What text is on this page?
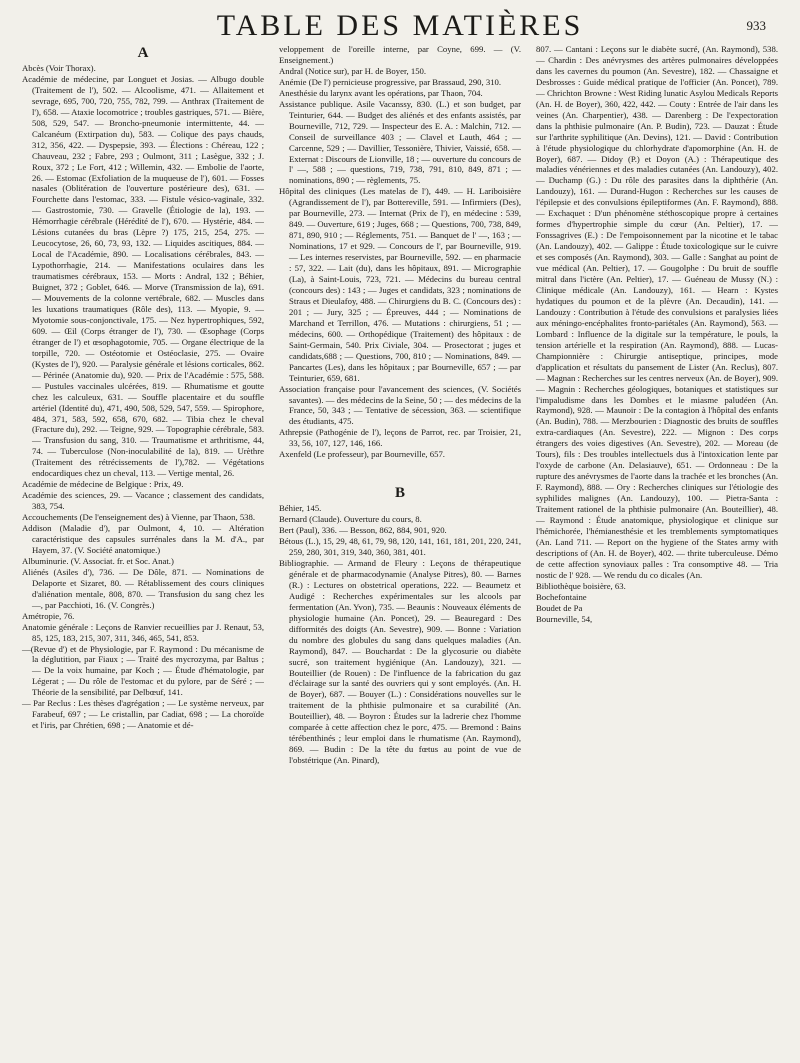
TABLE DES MATIÈRES	933
A
Abcès (Voir Thorax).
Académie de médecine, par Longuet et Josias. — Albugo double (Traitement de l'), 502. — Alcoolisme, 471. — Allaitement et sevrage, 695, 700, 720, 755, 782, 799. — Anthrax (Traitement de l'), 658. — Ataxie locomotrice ; troubles gastriques, 571. — Bière, 508, 529, 547. — Broncho-pneumonie intermittente, 44. — Calcanéum (Extirpation du), 583. — Colique des pays chauds, 312, 356, 422. — Dyspepsie, 393. — Élections : Chéreau, 122 ; Chauveau, 232 ; Fabre, 293 ; Oulmont, 311 ; Lasègue, 332 ; J. Roux, 372 ; Le Fort, 412 ; Willemin, 432. — Embolie de l'aorte, 26. — Estomac (Exfoliation de la muqueuse de l'), 601. — Fosses nasales (Oblitération de l'ouverture postérieure des), 631. — Fourchette dans l'estomac, 333. — Fistule vésico-vaginale, 332. — Gastrostomie, 730. — Gravelle (Étiologie de la), 193. — Hémorrhagie cérébrale (Hérédité de l'), 670. — Hystérie, 484. — Lésions cutanées du bras (Lèpre ?) 175, 215, 254, 275. — Leucocytose, 26, 60, 73, 93, 132. — Liquides ascitiques, 884. — Local de l'Académie, 890. — Localisations cérébrales, 843. — Lypothorrhagie, 214. — Manifestations oculaires dans les traumatismes cérébraux, 153. — Morts : Andral, 132 ; Béhier, Buignet, 372 ; Goblet, 646. — Morve (Transmission de la), 691. — Mouvements de la colonne vertébrale, 682. — Muscles dans les luxations traumatiques (Rôle des), 113. — Myopie, 9. — Myotomie sous-conjonctivale, 175. — Nez hypertrophiques, 592, 609. — Œil (Corps étranger de l'), 730. — Œsophage (Corps étranger de l') et œsophagotomie, 705. — Organe électrique de la torpille, 720. — Ostéotomie et Ostéoclasie, 275. — Ovaire (Kystes de l'), 920. — Paralysie générale et lésions corticales, 862. — Périnée (Anatomie du), 920. — Prix de l'Académie : 575, 588. — Pustules vaccinales ulcérées, 819. — Rhumatisme et goutte chez les calculeux, 631. — Souffle placentaire et du souffle artériel (Identité du), 471, 490, 508, 529, 547, 559. — Spirophore, 484, 371, 583, 592, 658, 670, 682. — Tibia chez le cheval (Fracture du), 292. — Teigne, 929. — Topographie cérébrale, 583. — Transfusion du sang, 310. — Traumatisme et arthritisme, 44, 74. — Tuberculose (Non-inoculabilité de la), 819. — Urèthre (Traitement des rétrécissements de l'),782. — Végétations endocardiques chez un cheval, 113. — Vertige mental, 26.
Académie de médecine de Belgique : Prix, 49.
Académie des sciences, 29. — Vacance ; classement des candidats, 383, 754.
Accouchements (De l'enseignement des) à Vienne, par Thaon, 538.
Addison (Maladie d'), par Oulmont, 4, 10. — Altération caractéristique des capsules surrénales dans la M. d'A., par Hayem, 37. (V. Société anatomique.)
Albuminurie. (V. Associat. fr. et Soc. Anat.)
Aliénés (Asiles d'), 736. — De Dôle, 871. — Nominations de Delaporte et Sizaret, 80. — Rétablissement des cours cliniques d'aliénation mentale, 808, 870. — Transfusion du sang chez les —, par Pacchioti, 16. (V. Congrès.)
Amétropie, 76.
Anatomie générale : Leçons de Ranvier recueillies par J. Renaut, 53, 85, 125, 183, 215, 307, 311, 346, 465, 541, 853.
—(Revue d') et de Physiologie, par F. Raymond : Du mécanisme de la déglutition, par Fiaux ; — Traité des mycrozyma, par Baltus ; — De la voix humaine, par Koch ; — Étude d'hématologie, par Légerat ; — Du rôle de l'estomac et du pylore, par de Séré ; — Théorie de la sensibilité, par Delbœuf, 141.
— Par Reclus : Les thèses d'agrégation ; — Le système nerveux, par Farabeuf, 697 ; — Le cristallin, par Cadiat, 698 ; — La choroïde et l'iris, par Chrétien, 698 ; — Anatomie et dé-
veloppement de l'oreille interne, par Coyne, 699. — (V. Enseignement.)
Andral (Notice sur), par H. de Boyer, 150.
Anémie (De l') pernicieuse progressive, par Brassaud, 290, 310.
Anesthésie du larynx avant les opérations, par Thaon, 704.
Assistance publique. Asile Vacanssy, 830. (L.) et son budget, par Teinturier, 644. — Budget des aliénés et des enfants assistés, par Bourneville, 712, 729. — Inspecteur des E. A. : Malchin, 712. — Conseil de surveillance 403 ; — Clavel et Lauth, 464 ; — Carcenne, 529 ; — Davillier, Tessonière, Thivier, Vaissié, 658. — Externat : Discours de Lionville, 18 ; — ouverture du concours de l' —, 588 ; — questions, 719, 738, 791, 810, 849, 871 ; — nominations, 890 ; — règlements, 75.
Hôpital des cliniques (Les matelas de l'), 449. — H. Lariboisière (Agrandissement de l'), par Bottereville, 591. — Infirmiers (Des), par Bourneville, 273. — Internat (Prix de l'), en médecine : 539, 849. — Ouverture, 619 ; Juges, 668 ; — Questions, 700, 738, 849, 871, 890, 910 ; — Réglements, 751. — Banquet de l' —, 163 ; — Nominations, 17 et 929. — Concours de l', par Bourneville, 919. — Les internes reservistes, par Bourneville, 592. — en pharmacie : 57, 322. — Lait (du), dans les hôpitaux, 891. — Micrographie (La), à Saint-Louis, 723, 721. — Médecins du bureau central (concours des) : 143 ; — Juges et candidats, 323 ; nominations de Straus et Dieulafoy, 488. — Chirurgiens du B. C. (Concours des) : 201 ; — Jury, 325 ; — Épreuves, 444 ; — Nominations de Marchand et Terrillon, 476. — Mutations : chirurgiens, 51 ; — médecins, 600. — Orthopédique (Traitement) des hôpitaux : de Saint-Germain, 540. Prix Civiale, 304. — Prosectorat ; juges et candidats,688 ; — Questions, 700, 810 ; — Nominations, 849. — Pancartes (Les), dans les hôpitaux ; par Bourneville, 657 ; — par Teinturier, 659, 681.
Association française pour l'avancement des sciences, (V. Sociétés savantes). — des médecins de la Seine, 50 ; — des médecins de la France, 50, 343 ; — Tentative de sécession, 363. — scientifique des étudiants, 475.
Athrepsie (Pathogénie de l'), leçons de Parrot, rec. par Troisier, 21, 33, 56, 107, 127, 146, 166.
Axenfeld (Le professeur), par Bourneville, 657.
B
Béhier, 145.
Bernard (Claude). Ouverture du cours, 8.
Bert (Paul), 336. — Besson, 862, 884, 901, 920.
Bétous (L.), 15, 29, 48, 61, 79, 98, 120, 141, 161, 181, 201, 220, 241, 259, 280, 301, 319, 340, 360, 381, 401.
Bibliographie. — Armand de Fleury : Leçons de thérapeutique générale et de pharmacodynamie (Analyse Pitres), 80. — Barnes (R.) : Lectures on obstetrical operations, 222. — Beaumetz et Audigé : Recherches expérimentales sur les alcools par fermentation (An. Yvon), 735. — Beaunis : Nouveaux éléments de physiologie humaine (An. Poncet), 29. — Beauregard : Des difformités des doigts (An. Sevestre), 909. — Bonne : Variation du nombre des globules du sang dans quelques maladies (An. Raymond), 847. — Bouchardat : De la glycosurie ou diabète sucré, son traitement hygiénique (An. Landouzy), 321. — Bouteillier (de Rouen) : De l'influence de la fabrication du gaz d'éclairage sur la santé des ouvriers qui y sont employés. (An. H. de Boyer), 687. — Bouyer (L.) : Considérations nouvelles sur le traitement de la phthisie pulmonaire et sa curabilité (An. Bouteillier), 48. — Boyron : Études sur la ladrerie chez l'homme comparée à cette affection chez le porc, 475. — Bremond : Bains térébenthinés ; leur emploi dans le rhumatisme (An. Raymond), 869. — Budin : De la tête du fœtus au point de vue de l'obstétrique (An. Pinard),
807. — Cantani : Leçons sur le diabète sucré, (An. Raymond), 538. — Chardin : Des anévrysmes des artères pulmonaires développées dans les cavernes du poumon (An. Sevestre), 182. — Chassaigne et Desbrosses : Guide médical pratique de l'officier (An. Poncet), 789. — Chrichton Browne : West Riding lunatic Asylou Medicals Reports (An. H. de Boyer), 360, 422, 442. — Couty : Entrée de l'air dans les veines (An. Charpentier), 438. — Darenberg : De l'expectoration dans la phthisie pulmonaire (An. P. Budin), 723. — Dauzat : Étude sur l'arthrite syphilitique (An. Devins), 121. — David : Contribution à l'étude physiologique du chlorhydrate d'apomorphine (An. H. de Boyer), 687. — Didoy (P.) et Doyon (A.) : Thérapeutique des maladies vénériennes et des maladies cutanées (An. Landouzy), 402. — Duchamp (G.) : Du rôle des parasites dans la diphthérie (An. Landouzy), 161. — Durand-Hugon : Recherches sur les causes de l'épilepsie et des convulsions épileptiformes (An. F. Raymond), 888. — Exchaquet : D'un phénomène stéthoscopique propre à certaines formes d'hypertrophie simple du cœur (An. Peltier), 17. — Fonssagrives (E.) : De l'empoisonnement par la nicotine et le tabac (An. Landouzy), 402. — Galippe : Étude toxicologique sur le cuivre et ses composés (An. Raymond), 303. — Galle : Sanghat au point de vue médical (An. Peltier), 17. — Gougolphe : Du bruit de souffle mitral dans l'ictère (An. Peltier), 17. — Guéneau de Mussy (N.) : Clinique médicale (An. Landouzy), 161. — Hearn : Kystes hydatiques du poumon et de la plèvre (An. Decaudin), 141. — Landouzy : Contribution à l'étude des convulsions et paralysies liées aux méningo-encéphalites fronto-pariétales (An. Raymond), 563. — Lombard : Influence de la digitale sur la température, le pouls, la tension artérielle et la respiration (An. Raymond), 888. — Lucas-Championnière : Chirurgie antiseptique, principes, mode d'application et résultats du pansement de Lister (An. Reclus), 807. — Magnan : Recherches sur les centres nerveux (An. de Boyer), 909. — Magnin : Recherches géologiques, botaniques et statistiques sur l'impaludisme dans les Dombes et le miasme paludéen (An. Raymond), 928. — Maunoir : De la contagion à l'hôpital des enfants (An. Budin), 788. — Merzbourien : Diagnostic des bruits de souffles extra-cardiaques (An. Sevestre), 222. — Mignon : Des corps étrangers des voies digestives (An. Sevestre), 202. — Moreau (de Tours), fils : Des troubles intellectuels dus à l'intoxication lente par l'oxyde de carbone (An. Delasiauve), 651. — Ordonneau : De la rupture des anévrysmes de l'aorte dans la trachée et les bronches (An. F. Raymond), 888. — Ory : Recherches cliniques sur l'étiologie des syphilides malignes (An. Landouzy), 100. — Pietra-Santa : Traitement rationel de la phthisie pulmonaire (An. Bouteillier), 48. — Raymond : Étude anatomique, physiologique et clinique sur l'hémichorée, l'hémianesthésie et les tremblements symptomatiques (An. Land 711. — Report on the hygiene of the States army with descriptions of (An. H. de Boyer), 402. — thrite tuberculeuse. Démo de cette affection synoviaux palles : Tra consomptive 48. — Tria nostic de l' 928. — We rendu du co dicales (An.
Bibliothèque boisière, 63.
Bochefontaine
Boudet de Pa
Bourneville, 54,
